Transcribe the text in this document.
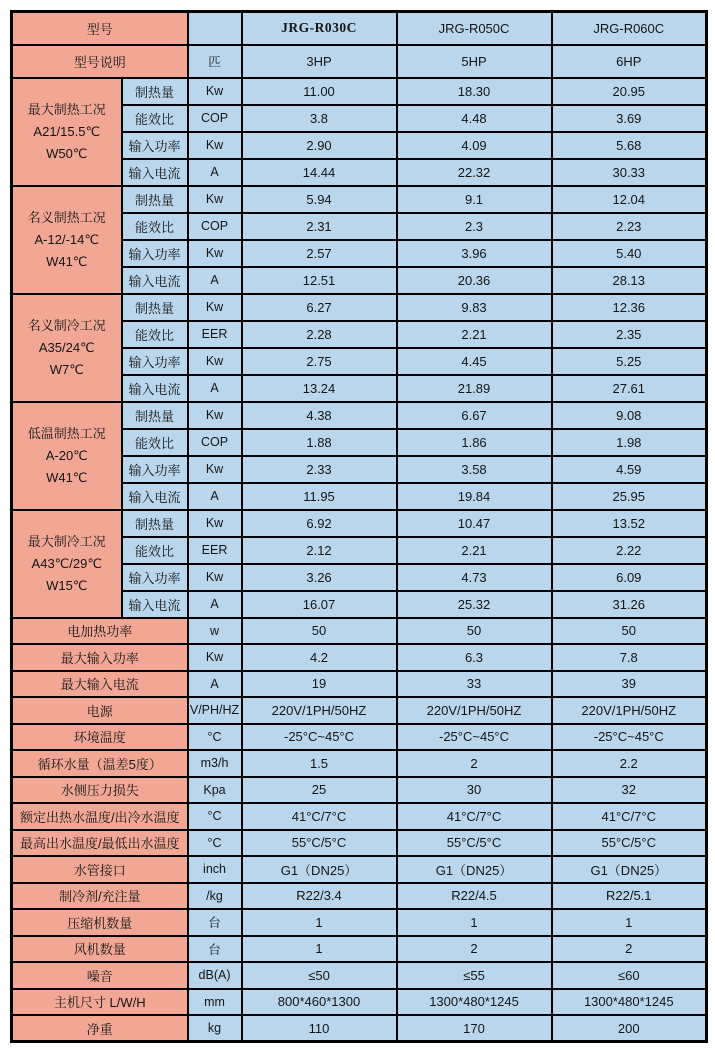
型号			JRG-R030C	JRG-R050C	JRG-R060C
型号说明		匹	3HP	5HP	6HP

最大制热工况
A21/15.5℃
W50℃	制热量	Kw	11.00	18.30	20.95
	能效比	COP	3.8	4.48	3.69
	输入功率	Kw	2.90	4.09	5.68
	输入电流	A	14.44	22.32	30.33

名义制热工况
A-12/-14℃
W41℃	制热量	Kw	5.94	9.1	12.04
	能效比	COP	2.31	2.3	2.23
	输入功率	Kw	2.57	3.96	5.40
	输入电流	A	12.51	20.36	28.13

名义制冷工况
A35/24℃
W7℃	制热量	Kw	6.27	9.83	12.36
	能效比	EER	2.28	2.21	2.35
	输入功率	Kw	2.75	4.45	5.25
	输入电流	A	13.24	21.89	27.61

低温制热工况
A-20℃
W41℃	制热量	Kw	4.38	6.67	9.08
	能效比	COP	1.88	1.86	1.98
	输入功率	Kw	2.33	3.58	4.59
	输入电流	A	11.95	19.84	25.95

最大制冷工况
A43℃/29℃
W15℃	制热量	Kw	6.92	10.47	13.52
	能效比	EER	2.12	2.21	2.22
	输入功率	Kw	3.26	4.73	6.09
	输入电流	A	16.07	25.32	31.26
电加热功率		w	50	50	50
最大输入功率		Kw	4.2	6.3	7.8
最大输入电流		A	19	33	39
电源		V/PH/HZ	220V/1PH/50HZ	220V/1PH/50HZ	220V/1PH/50HZ
环境温度		°C	-25°C~45°C	-25°C~45°C	-25°C~45°C
循环水量（温差5度）		m3/h	1.5	2	2.2
水侧压力损失		Kpa	25	30	32
额定出热水温度/出冷水温度		°C	41°C/7°C	41°C/7°C	41°C/7°C
最高出水温度/最低出水温度		°C	55°C/5°C	55°C/5°C	55°C/5°C
水管接口		inch	G1（DN25）	G1（DN25）	G1（DN25）
制冷剂/充注量		/kg	R22/3.4	R22/4.5	R22/5.1
压缩机数量		台	1	1	1
风机数量		台	1	2	2
噪音		dB(A)	≤50	≤55	≤60
主机尺寸 L/W/H		mm	800*460*1300	1300*480*1245	1300*480*1245
净重		kg	110	170	200
